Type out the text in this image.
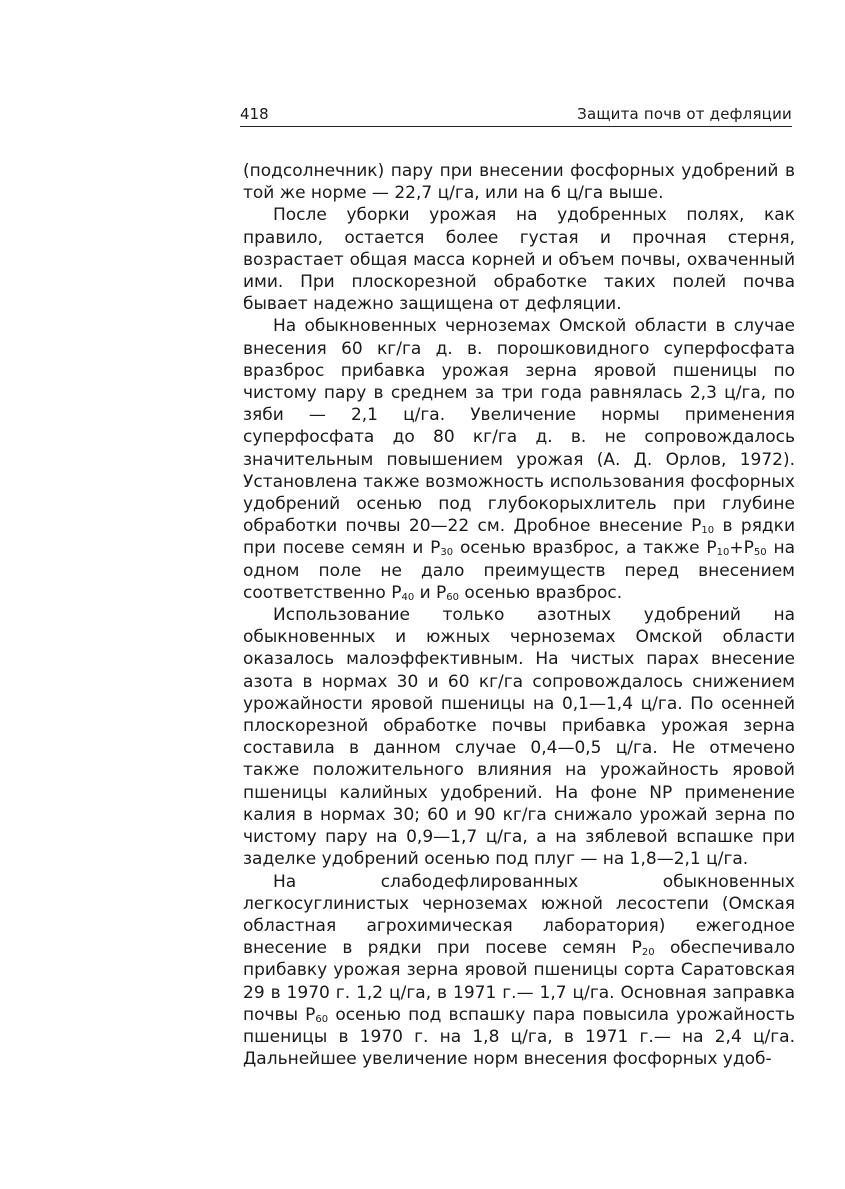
418	Защита почв от дефляции

(подсолнечник) пару при внесении фосфорных удобрений в той же норме — 22,7 ц/га, или на 6 ц/га выше.

После уборки урожая на удобренных полях, как правило, остается более густая и прочная стерня, возрастает общая масса корней и объем почвы, охваченный ими. При плоскорезной обработке таких полей почва бывает надежно защищена от дефляции.

На обыкновенных черноземах Омской области в случае внесения 60 кг/га д. в. порошковидного суперфосфата вразброс прибавка урожая зерна яровой пшеницы по чистому пару в среднем за три года равнялась 2,3 ц/га, по зяби — 2,1 ц/га. Увеличение нормы применения суперфосфата до 80 кг/га д. в. не сопровождалось значительным повышением урожая (А. Д. Орлов, 1972). Установлена также возможность использования фосфорных удобрений осенью под глубокорыхлитель при глубине обработки почвы 20—22 см. Дробное внесение $Р_{10}$ в рядки при посеве семян и $Р_{30}$ осенью вразброс, а также $Р_{10}+Р_{50}$ на одном поле не дало преимуществ перед внесением соответственно $Р_{40}$ и $Р_{60}$ осенью вразброс.

Использование только азотных удобрений на обыкновенных и южных черноземах Омской области оказалось малоэффективным. На чистых парах внесение азота в нормах 30 и 60 кг/га сопровождалось снижением урожайности яровой пшеницы на 0,1—1,4 ц/га. По осенней плоскорезной обработке почвы прибавка урожая зерна составила в данном случае 0,4—0,5 ц/га. Не отмечено также положительного влияния на урожайность яровой пшеницы калийных удобрений. На фоне NP применение калия в нормах 30; 60 и 90 кг/га снижало урожай зерна по чистому пару на 0,9—1,7 ц/га, а на зяблевой вспашке при заделке удобрений осенью под плуг — на 1,8—2,1 ц/га.

На слабодефлированных обыкновенных легкосуглинистых черноземах южной лесостепи (Омская областная агрохимическая лаборатория) ежегодное внесение в рядки при посеве семян $Р_{20}$ обеспечивало прибавку урожая зерна яровой пшеницы сорта Саратовская 29 в 1970 г. 1,2 ц/га, в 1971 г.— 1,7 ц/га. Основная заправка почвы $Р_{60}$ осенью под вспашку пара повысила урожайность пшеницы в 1970 г. на 1,8 ц/га, в 1971 г.— на 2,4 ц/га. Дальнейшее увеличение норм внесения фосфорных удоб-
